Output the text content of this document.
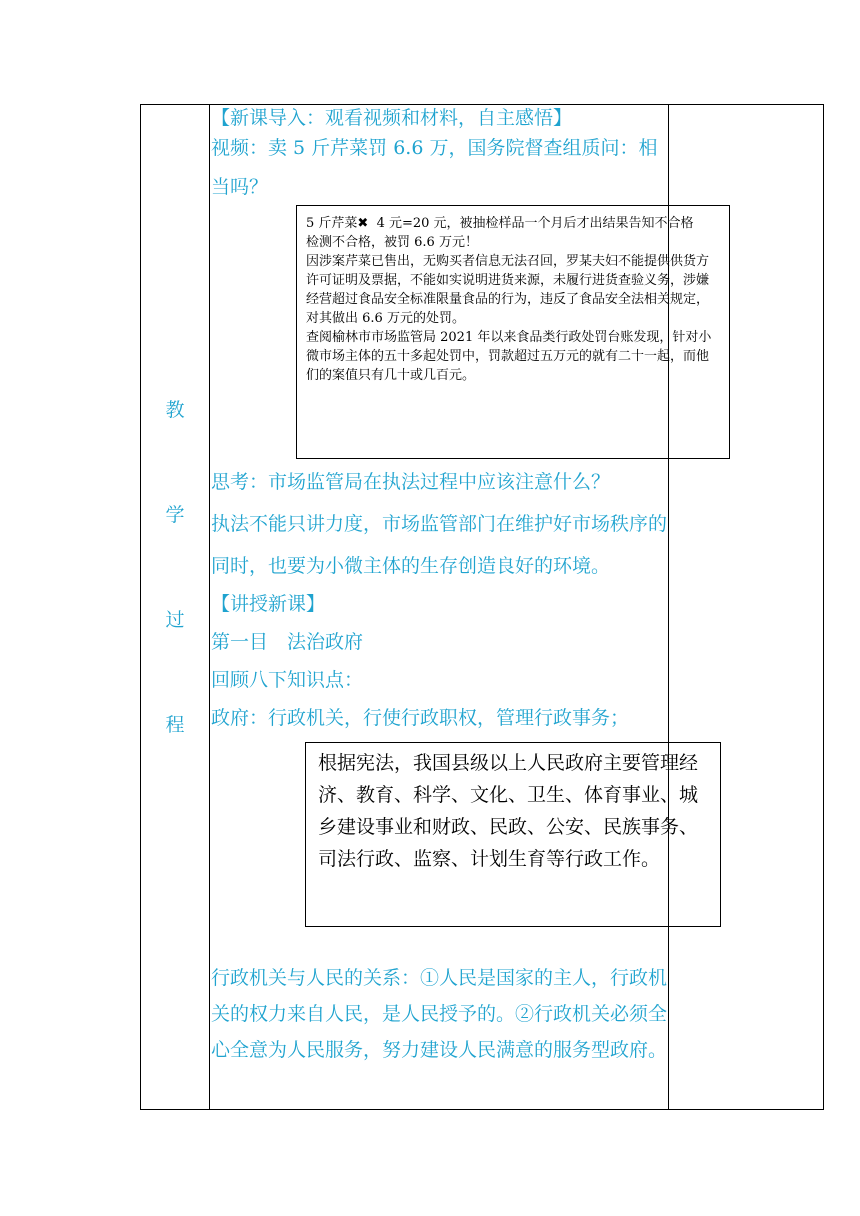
教
学
过
程
【新课导入：观看视频和材料，自主感悟】
视频：卖 5 斤芹菜罚 6.6 万，国务院督查组质问：相当吗？

5 斤芹菜✖  4 元=20 元，被抽检样品一个月后才出结果告知不合格

检测不合格，被罚 6.6 万元！

因涉案芹菜已售出，无购买者信息无法召回，罗某夫妇不能提供供货方许可证明及票据，不能如实说明进货来源，未履行进货查验义务，涉嫌经营超过食品安全标准限量食品的行为，违反了食品安全法相关规定，对其做出 6.6 万元的处罚。

查阅榆林市市场监管局 2021 年以来食品类行政处罚台账发现，针对小微市场主体的五十多起处罚中，罚款超过五万元的就有二十一起，而他们的案值只有几十或几百元。

思考：市场监管局在执法过程中应该注意什么？
执法不能只讲力度，市场监管部门在维护好市场秩序的同时，也要为小微主体的生存创造良好的环境。
【讲授新课】
第一目　法治政府
回顾八下知识点：
政府：行政机关，行使行政职权，管理行政事务；
根据宪法，我国县级以上人民政府主要管理经济、教育、科学、文化、卫生、体育事业、城乡建设事业和财政、民政、公安、民族事务、司法行政、监察、计划生育等行政工作。
行政机关与人民的关系：①人民是国家的主人，行政机关的权力来自人民，是人民授予的。②行政机关必须全心全意为人民服务，努力建设人民满意的服务型政府。
